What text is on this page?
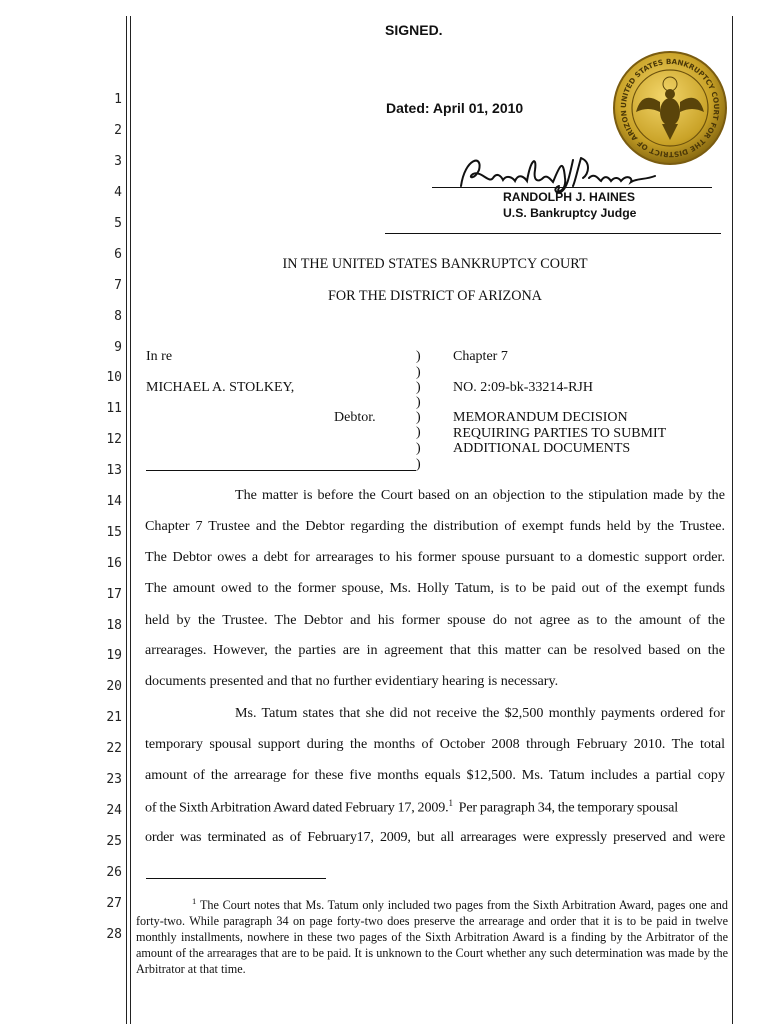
1
2
3
4
5
6
7
8
9
10
11
12
13
14
15
16
17
18
19
20
21
22
23
24
25
26
27
28
SIGNED.
Dated: April 01, 2010	UNITED STATES BANKRUPTCY COURT FOR THE DISTRICT OF ARIZON
Randolph J. Haines
RANDOLPH J. HAINES
U.S. Bankruptcy Judge
IN THE UNITED STATES BANKRUPTCY COURT
FOR THE DISTRICT OF ARIZONA
In re
MICHAEL A. STOLKEY,
Debtor.
)
)
)
)
)
)
)
)
Chapter 7
NO. 2:09-bk-33214-RJH
MEMORANDUM DECISION
REQUIRING PARTIES TO SUBMIT
ADDITIONAL DOCUMENTS
The matter is before the Court based on an objection to the stipulation made by the
Chapter 7 Trustee and the Debtor regarding the distribution of exempt funds held by the Trustee.
The Debtor owes a debt for arrearages to his former spouse pursuant to a domestic support order.
The amount owed to the former spouse, Ms. Holly Tatum, is to be paid out of the exempt funds
held by the Trustee. The Debtor and his former spouse do not agree as to the amount of the
arrearages. However, the parties are in agreement that this matter can be resolved based on the
documents presented and that no further evidentiary hearing is necessary.
Ms. Tatum states that she did not receive the $2,500 monthly payments ordered for
temporary spousal support during the months of October 2008 through February 2010. The total
amount of the arrearage for these five months equals $12,500. Ms. Tatum includes a partial copy
of the Sixth Arbitration Award dated February 17, 2009.$^1$ Per paragraph 34, the temporary spousal
order was terminated as of February17, 2009, but all arrearages were expressly preserved and were
$^1$ The Court notes that Ms. Tatum only included two pages from the Sixth Arbitration Award, pages one and forty-two. While paragraph 34 on page forty-two does preserve the arrearage and order that it is to be paid in twelve monthly installments, nowhere in these two pages of the Sixth Arbitration Award is a finding by the Arbitrator of the amount of the arrearages that are to be paid. It is unknown to the Court whether any such determination was made by the Arbitrator at that time.
